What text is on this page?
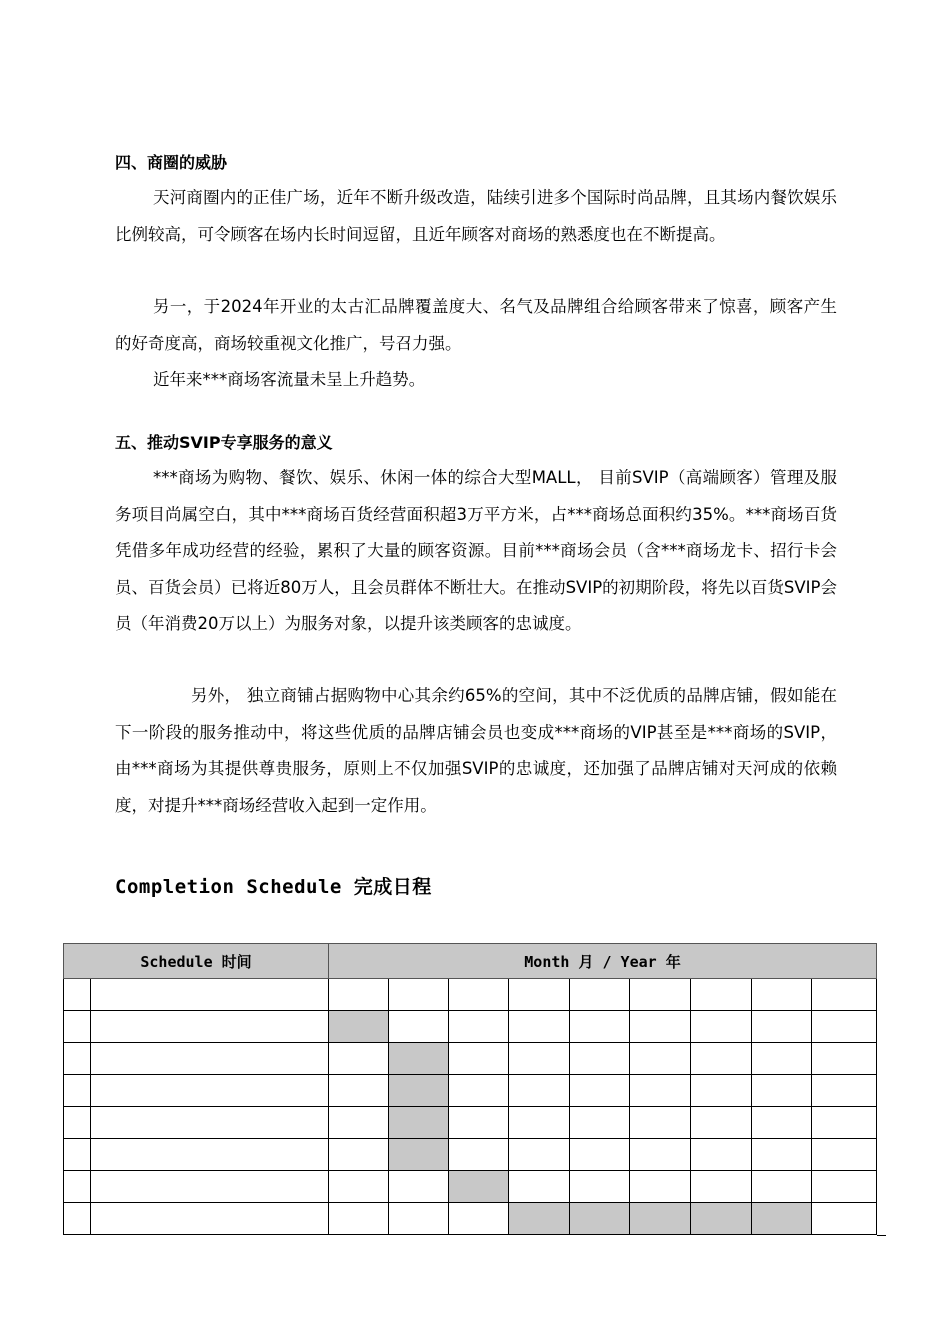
四、商圈的威胁

天河商圈内的正佳广场，近年不断升级改造，陆续引进多个国际时尚品牌，且其场内餐饮娱乐比例较高，可令顾客在场内长时间逗留，且近年顾客对商场的熟悉度也在不断提高。

另一，于2024年开业的太古汇品牌覆盖度大、名气及品牌组合给顾客带来了惊喜，顾客产生的好奇度高，商场较重视文化推广，号召力强。

近年来***商场客流量未呈上升趋势。

五、推动SVIP专享服务的意义

***商场为购物、餐饮、娱乐、休闲一体的综合大型MALL， 目前SVIP（高端顾客）管理及服务项目尚属空白，其中***商场百货经营面积超3万平方米，占***商场总面积约35%。***商场百货凭借多年成功经营的经验，累积了大量的顾客资源。目前***商场会员（含***商场龙卡、招行卡会员、百货会员）已将近80万人，且会员群体不断壮大。在推动SVIP的初期阶段，将先以百货SVIP会员（年消费20万以上）为服务对象，以提升该类顾客的忠诚度。

另外， 独立商铺占据购物中心其余约65%的空间，其中不泛优质的品牌店铺，假如能在下一阶段的服务推动中，将这些优质的品牌店铺会员也变成***商场的VIP甚至是***商场的SVIP，由***商场为其提供尊贵服务，原则上不仅加强SVIP的忠诚度，还加强了品牌店铺对天河成的依赖度，对提升***商场经营收入起到一定作用。

Completion Schedule 完成日程
Schedule 时间		Month 月 / Year 年								
